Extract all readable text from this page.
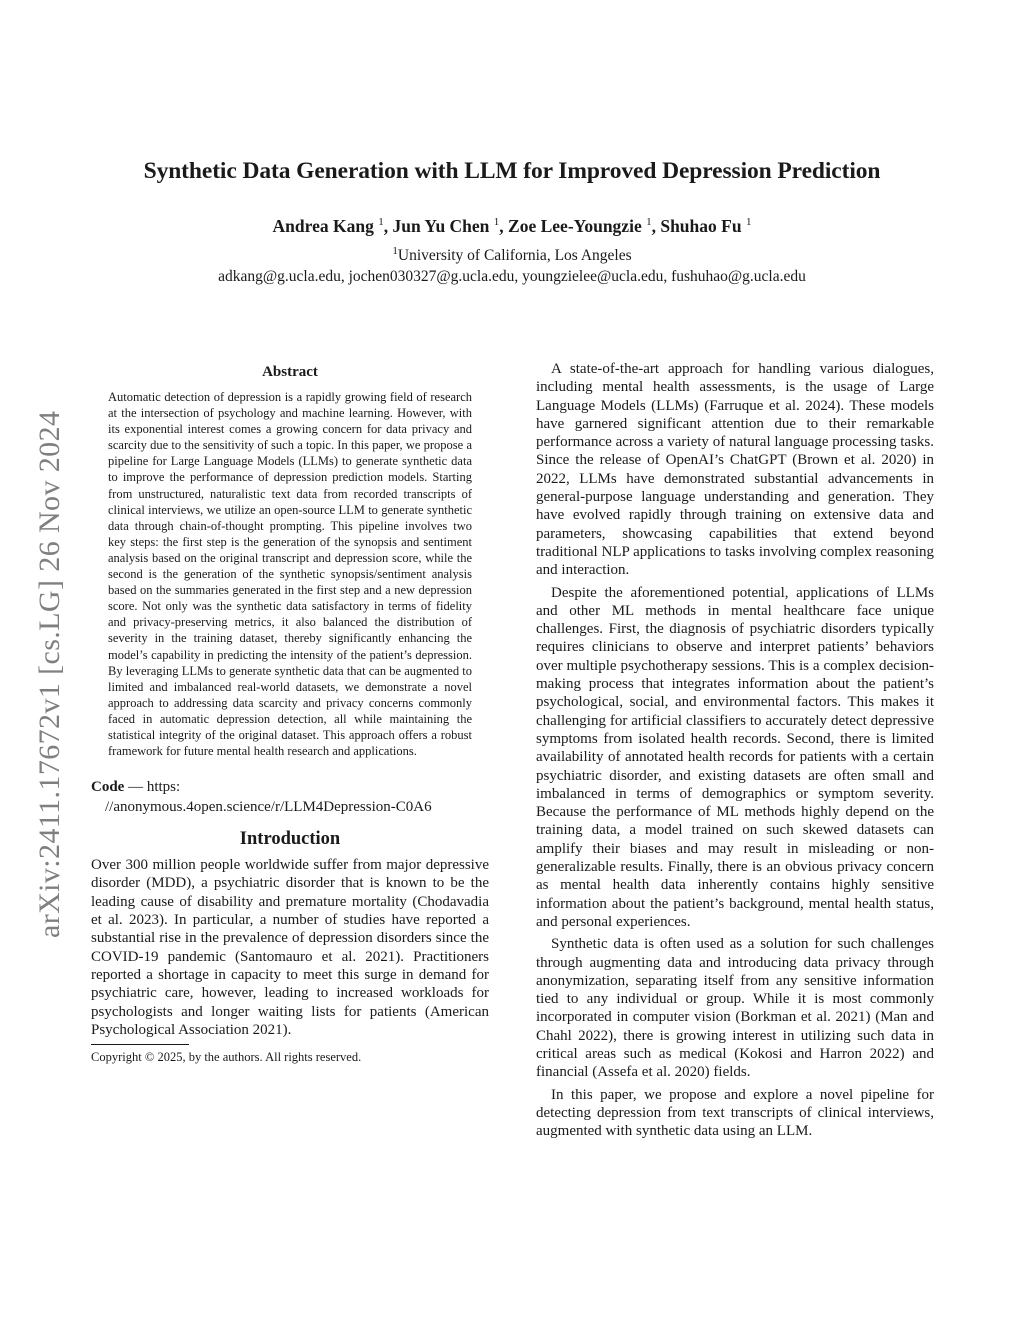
Synthetic Data Generation with LLM for Improved Depression Prediction
Andrea Kang $^1$, Jun Yu Chen $^1$, Zoe Lee-Youngzie $^1$, Shuhao Fu $^1$
$^1$University of California, Los Angeles
adkang@g.ucla.edu, jochen030327@g.ucla.edu, youngzielee@ucla.edu, fushuhao@g.ucla.edu
arXiv:2411.17672v1 [cs.LG] 26 Nov 2024
Abstract

Automatic detection of depression is a rapidly growing field of research at the intersection of psychology and machine learning. However, with its exponential interest comes a growing concern for data privacy and scarcity due to the sensitivity of such a topic. In this paper, we propose a pipeline for Large Language Models (LLMs) to generate synthetic data to improve the performance of depression prediction models. Starting from unstructured, naturalistic text data from recorded transcripts of clinical interviews, we utilize an open-source LLM to generate synthetic data through chain-of-thought prompting. This pipeline involves two key steps: the first step is the generation of the synopsis and sentiment analysis based on the original transcript and depression score, while the second is the generation of the synthetic synopsis/sentiment analysis based on the summaries generated in the first step and a new depression score. Not only was the synthetic data satisfactory in terms of fidelity and privacy-preserving metrics, it also balanced the distribution of severity in the training dataset, thereby significantly enhancing the model’s capability in predicting the intensity of the patient’s depression. By leveraging LLMs to generate synthetic data that can be augmented to limited and imbalanced real-world datasets, we demonstrate a novel approach to addressing data scarcity and privacy concerns commonly faced in automatic depression detection, all while maintaining the statistical integrity of the original dataset. This approach offers a robust framework for future mental health research and applications.

Code — https:
//anonymous.4open.science/r/LLM4Depression-C0A6
Introduction

Over 300 million people worldwide suffer from major depressive disorder (MDD), a psychiatric disorder that is known to be the leading cause of disability and premature mortality (Chodavadia et al. 2023). In particular, a number of studies have reported a substantial rise in the prevalence of depression disorders since the COVID-19 pandemic (Santomauro et al. 2021). Practitioners reported a shortage in capacity to meet this surge in demand for psychiatric care, however, leading to increased workloads for psychologists and longer waiting lists for patients (American Psychological Association 2021).

Copyright © 2025, by the authors. All rights reserved.

A state-of-the-art approach for handling various dialogues, including mental health assessments, is the usage of Large Language Models (LLMs) (Farruque et al. 2024). These models have garnered significant attention due to their remarkable performance across a variety of natural language processing tasks. Since the release of OpenAI’s ChatGPT (Brown et al. 2020) in 2022, LLMs have demonstrated substantial advancements in general-purpose language understanding and generation. They have evolved rapidly through training on extensive data and parameters, showcasing capabilities that extend beyond traditional NLP applications to tasks involving complex reasoning and interaction.

Despite the aforementioned potential, applications of LLMs and other ML methods in mental healthcare face unique challenges. First, the diagnosis of psychiatric disorders typically requires clinicians to observe and interpret patients’ behaviors over multiple psychotherapy sessions. This is a complex decision-making process that integrates information about the patient’s psychological, social, and environmental factors. This makes it challenging for artificial classifiers to accurately detect depressive symptoms from isolated health records. Second, there is limited availability of annotated health records for patients with a certain psychiatric disorder, and existing datasets are often small and imbalanced in terms of demographics or symptom severity. Because the performance of ML methods highly depend on the training data, a model trained on such skewed datasets can amplify their biases and may result in misleading or non-generalizable results. Finally, there is an obvious privacy concern as mental health data inherently contains highly sensitive information about the patient’s background, mental health status, and personal experiences.

Synthetic data is often used as a solution for such challenges through augmenting data and introducing data privacy through anonymization, separating itself from any sensitive information tied to any individual or group. While it is most commonly incorporated in computer vision (Borkman et al. 2021) (Man and Chahl 2022), there is growing interest in utilizing such data in critical areas such as medical (Kokosi and Harron 2022) and financial (Assefa et al. 2020) fields.

In this paper, we propose and explore a novel pipeline for detecting depression from text transcripts of clinical interviews, augmented with synthetic data using an LLM.
